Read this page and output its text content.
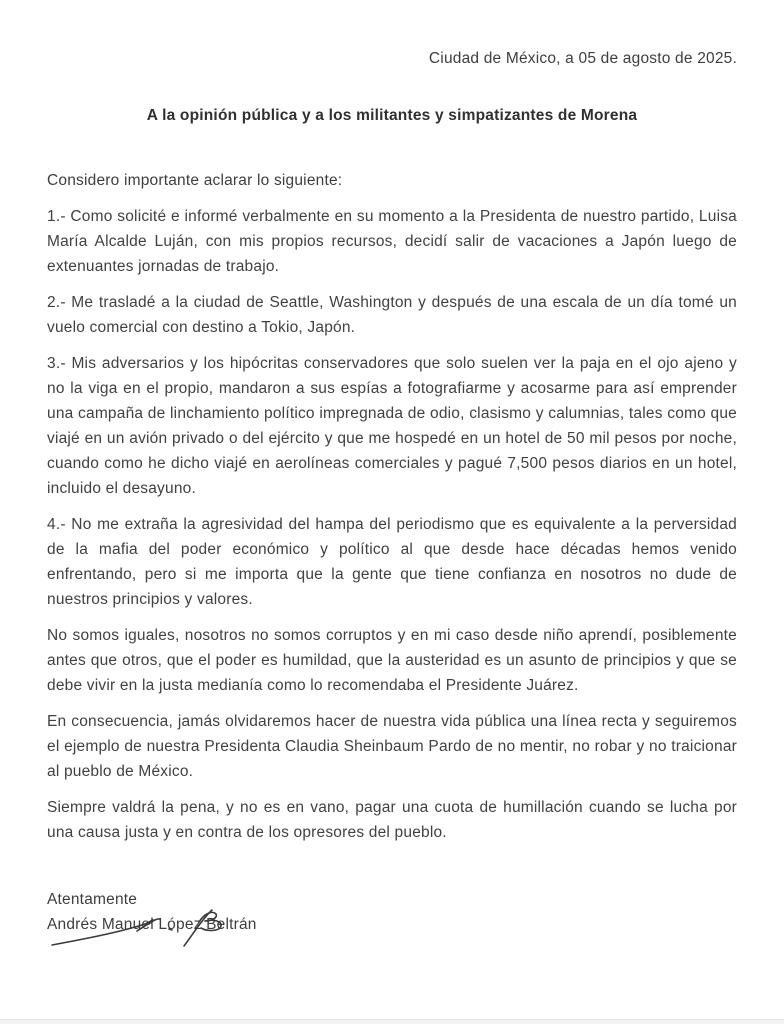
Ciudad de México, a 05 de agosto de 2025.
A la opinión pública y a los militantes y simpatizantes de Morena
Considero importante aclarar lo siguiente:

1.- Como solicité e informé verbalmente en su momento a la Presidenta de nuestro partido, Luisa María Alcalde Luján, con mis propios recursos, decidí salir de vacaciones a Japón luego de extenuantes jornadas de trabajo.

2.- Me trasladé a la ciudad de Seattle, Washington y después de una escala de un día tomé un vuelo comercial con destino a Tokio, Japón.

3.- Mis adversarios y los hipócritas conservadores que solo suelen ver la paja en el ojo ajeno y no la viga en el propio, mandaron a sus espías a fotografiarme y acosarme para así emprender una campaña de linchamiento político impregnada de odio, clasismo y calumnias, tales como que viajé en un avión privado o del ejército y que me hospedé en un hotel de 50 mil pesos por noche, cuando como he dicho viajé en aerolíneas comerciales y pagué 7,500 pesos diarios en un hotel, incluido el desayuno.

4.- No me extraña la agresividad del hampa del periodismo que es equivalente a la perversidad de la mafia del poder económico y político al que desde hace décadas hemos venido enfrentando, pero si me importa que la gente que tiene confianza en nosotros no dude de nuestros principios y valores.

No somos iguales, nosotros no somos corruptos y en mi caso desde niño aprendí, posiblemente antes que otros, que el poder es humildad, que la austeridad es un asunto de principios y que se debe vivir en la justa medianía como lo recomendaba el Presidente Juárez.

En consecuencia, jamás olvidaremos hacer de nuestra vida pública una línea recta y seguiremos el ejemplo de nuestra Presidenta Claudia Sheinbaum Pardo de no mentir, no robar y no traicionar al pueblo de México.

Siempre valdrá la pena, y no es en vano, pagar una cuota de humillación cuando se lucha por una causa justa y en contra de los opresores del pueblo.

Atentamente
Andrés Manuel López Beltrán
